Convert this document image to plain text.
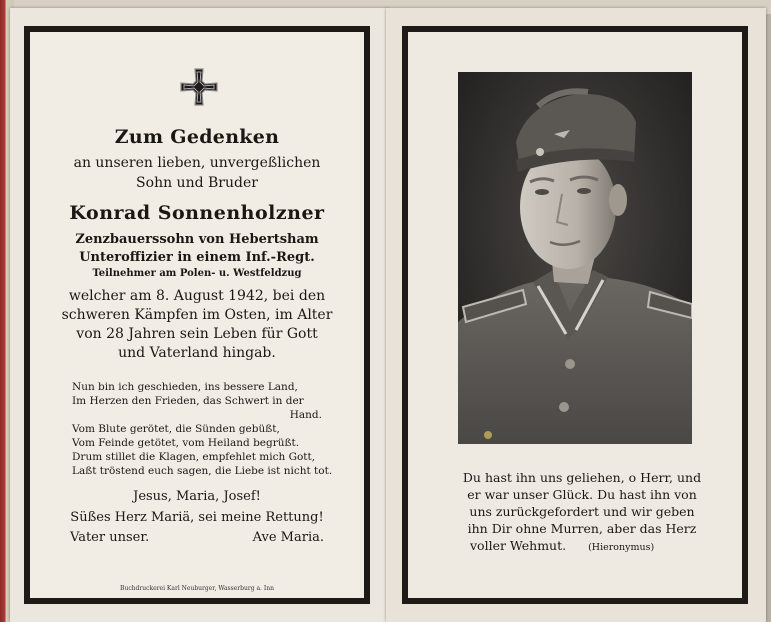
Zum Gedenken
an unseren lieben, unvergeßlichen
Sohn und Bruder
Konrad Sonnenholzner
Zenzbauerssohn von Hebertsham
Unteroffizier in einem Inf.-Regt.
Teilnehmer am Polen- u. Westfeldzug
welcher am 8. August 1942, bei den
schweren Kämpfen im Osten, im Alter
von 28 Jahren sein Leben für Gott
und Vaterland hingab.
Nun bin ich geschieden, ins bessere Land,
Im Herzen den Frieden, das Schwert in der
Hand.
Vom Blute gerötet, die Sünden gebüßt,
Vom Feinde getötet, vom Heiland begrüßt.
Drum stillet die Klagen, empfehlet mich Gott,
Laßt tröstend euch sagen, die Liebe ist nicht tot.
Jesus, Maria, Josef!
Süßes Herz Mariä, sei meine Rettung!
Vater unser.	Ave Maria.
Buchdruckerei Karl Neuburger, Wasserburg a. Inn
Du hast ihn uns geliehen, o Herr, und
er war unser Glück. Du hast ihn von
uns zurückgefordert und wir geben
ihn Dir ohne Murren, aber das Herz
voller Wehmut. (Hieronymus)
